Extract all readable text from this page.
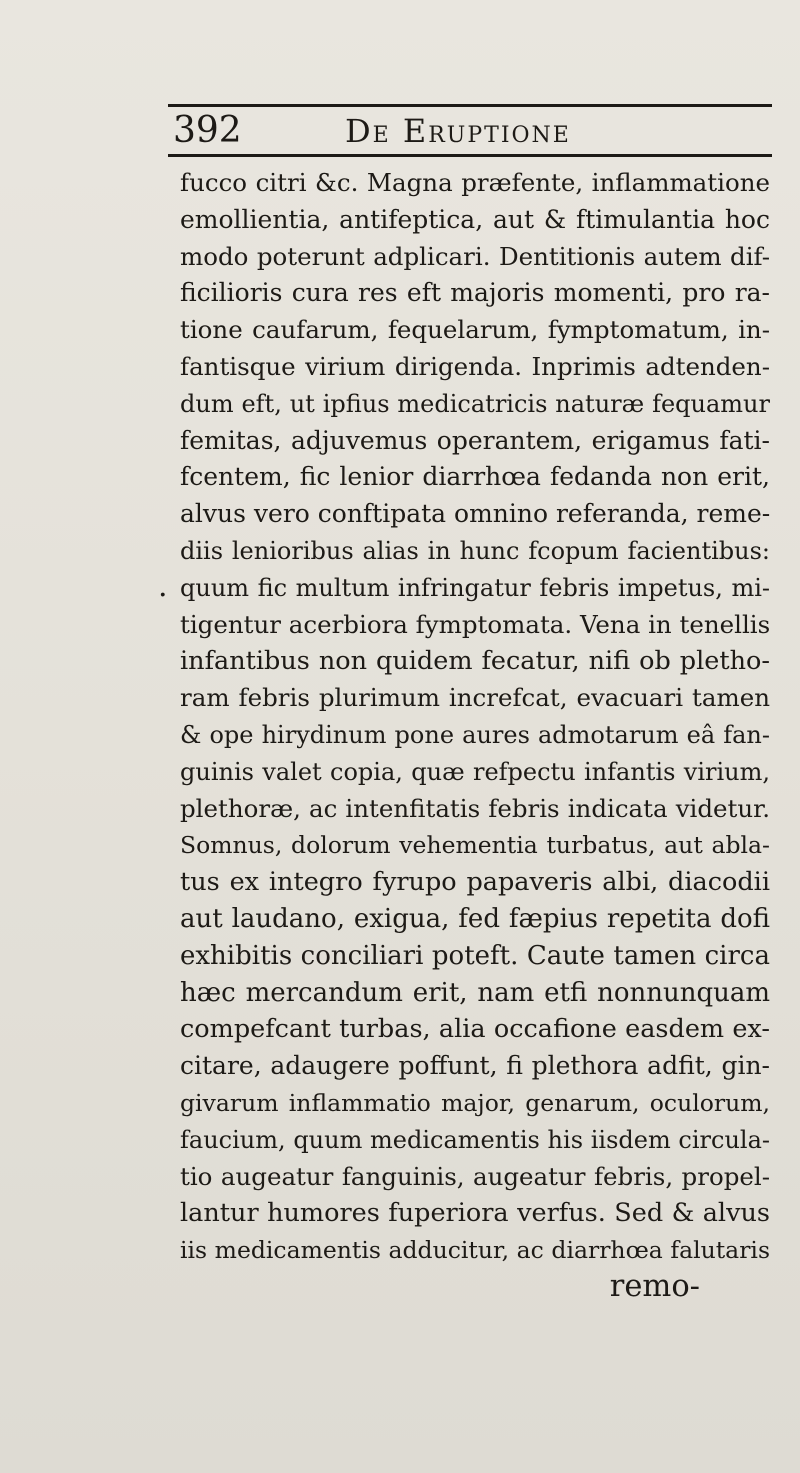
392	De Eruptione
.
fucco citri &c. Magna præfente, inflammatione
emollientia, antifeptica, aut & ftimulantia hoc
modo poterunt adplicari. Dentitionis autem dif-
ficilioris cura res eft majoris momenti, pro ra-
tione caufarum, fequelarum, fymptomatum, in-
fantisque virium dirigenda. Inprimis adtenden-
dum eft, ut ipfius medicatricis naturæ fequamur
femitas, adjuvemus operantem, erigamus fati-
fcentem, fic lenior diarrhœa fedanda non erit,
alvus vero conftipata omnino referanda, reme-
diis lenioribus alias in hunc fcopum facientibus:
quum fic multum infringatur febris impetus, mi-
tigentur acerbiora fymptomata. Vena in tenellis
infantibus non quidem fecatur, nifi ob pletho-
ram febris plurimum increfcat, evacuari tamen
& ope hirydinum pone aures admotarum eâ fan-
guinis valet copia, quæ refpectu infantis virium,
plethoræ, ac intenfitatis febris indicata videtur.
Somnus, dolorum vehementia turbatus, aut abla-
tus ex integro fyrupo papaveris albi, diacodii
aut laudano, exigua, fed fæpius repetita dofi
exhibitis conciliari poteft. Caute tamen circa
hæc mercandum erit, nam etfi nonnunquam
compefcant turbas, alia occafione easdem ex-
citare, adaugere poffunt, fi plethora adfit, gin-
givarum inflammatio major, genarum, oculorum,
faucium, quum medicamentis his iisdem circula-
tio augeatur fanguinis, augeatur febris, propel-
lantur humores fuperiora verfus. Sed & alvus
iis medicamentis adducitur, ac diarrhœa falutaris
remo-
